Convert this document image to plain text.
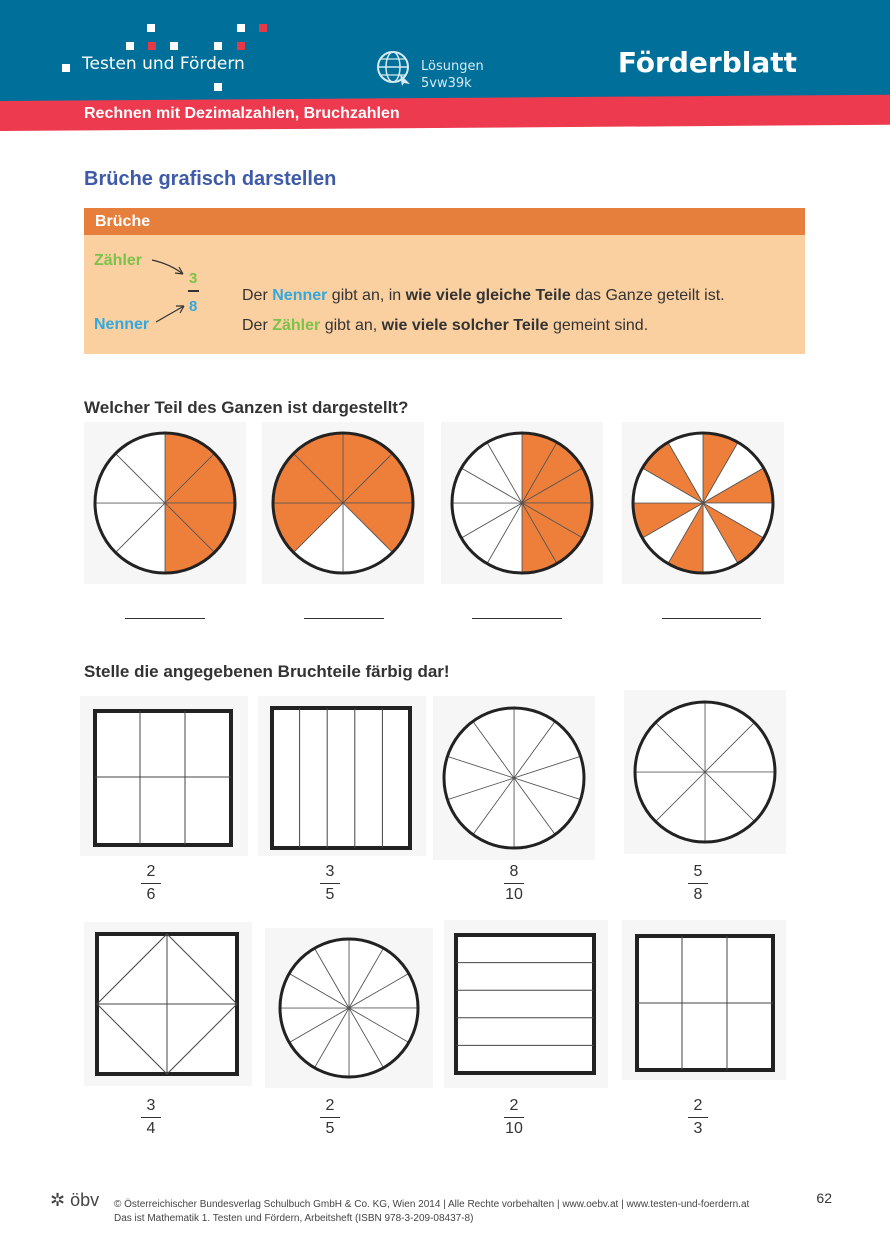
Testen und Fördern	Lösungen
5vw39k
Förderblatt
Rechnen mit Dezimalzahlen, Bruchzahlen
Brüche grafisch darstellen
Brüche
Zähler
Nenner
3
8
Der Nenner gibt an, in wie viele gleiche Teile das Ganze geteilt ist.
Der Zähler gibt an, wie viele solcher Teile gemeint sind.
Welcher Teil des Ganzen ist dargestellt?
Stelle die angegebenen Bruchteile färbig dar!
2
6
3
5
8
10
5
8
3
4
2
5
2
10
2
3
✲ öbv © Österreichischer Bundesverlag Schulbuch GmbH & Co. KG, Wien 2014 | Alle Rechte vorbehalten | www.oebv.at | www.testen-und-foerdern.at
Das ist Mathematik 1. Testen und Fördern, Arbeitsheft (ISBN 978-3-209-08437-8)
62
